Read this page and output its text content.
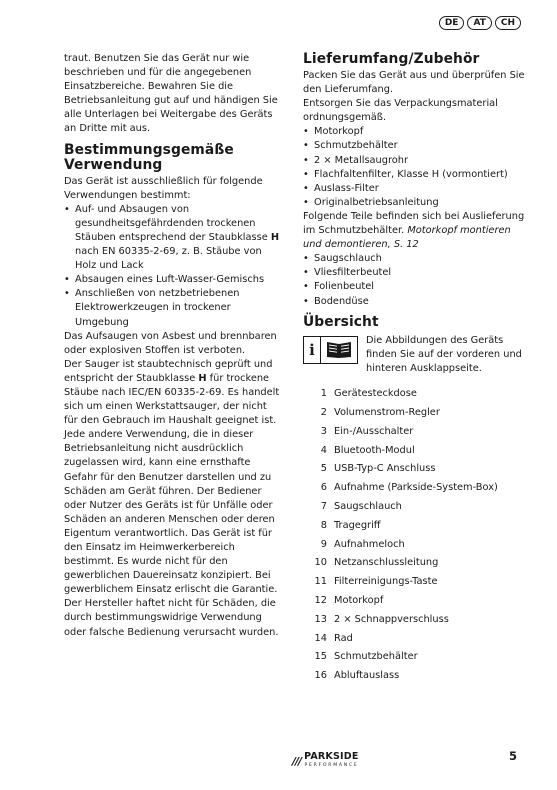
DE	AT	CH

traut. Benutzen Sie das Gerät nur wie beschrieben und für die angegebenen Einsatzbereiche. Bewahren Sie die Betriebsanleitung gut auf und händigen Sie alle Unterlagen bei Weitergabe des Geräts an Dritte mit aus.

Bestimmungsgemäße Verwendung

Das Gerät ist ausschließlich für folgende Verwendungen bestimmt:

• Auf- und Absaugen von gesundheitsgefährdenden trockenen Stäuben entsprechend der Staubklasse H nach EN 60335-2-69, z. B. Stäube von Holz und Lack
• Absaugen eines Luft-Wasser-Gemischs
• Anschließen von netzbetriebenen Elektrowerkzeugen in trockener Umgebung

Das Aufsaugen von Asbest und brennbaren oder explosiven Stoffen ist verboten.

Der Sauger ist staubtechnisch geprüft und entspricht der Staubklasse H für trockene Stäube nach IEC/EN 60335-2-69. Es handelt sich um einen Werkstattsauger, der nicht für den Gebrauch im Haushalt geeignet ist.

Jede andere Verwendung, die in dieser Betriebsanleitung nicht ausdrücklich zugelassen wird, kann eine ernsthafte Gefahr für den Benutzer darstellen und zu Schäden am Gerät führen. Der Bediener oder Nutzer des Geräts ist für Unfälle oder Schäden an anderen Menschen oder deren Eigentum verantwortlich. Das Gerät ist für den Einsatz im Heimwerkerbereich bestimmt. Es wurde nicht für den gewerblichen Dauereinsatz konzipiert. Bei gewerblichem Einsatz erlischt die Garantie. Der Hersteller haftet nicht für Schäden, die durch bestimmungswidrige Verwendung oder falsche Bedienung verursacht wurden.

Lieferumfang/Zubehör

Packen Sie das Gerät aus und überprüfen Sie den Lieferumfang.

Entsorgen Sie das Verpackungsmaterial ordnungsgemäß.

• Motorkopf
• Schmutzbehälter
• 2 × Metallsaugrohr
• Flachfaltenfilter, Klasse H (vormontiert)
• Auslass-Filter
• Originalbetriebsanleitung

Folgende Teile befinden sich bei Auslieferung im Schmutzbehälter. Motorkopf montieren und demontieren, S. 12

• Saugschlauch
• Vliesfilterbeutel
• Folienbeutel
• Bodendüse
Übersicht
i

Die Abbildungen des Geräts finden Sie auf der vorderen und hinteren Ausklappseite.

1 Gerätesteckdose
2 Volumenstrom-Regler
3 Ein-/Ausschalter
4 Bluetooth-Modul
5 USB-Typ-C Anschluss
6 Aufnahme (Parkside-System-Box)
7 Saugschlauch
8 Tragegriff
9 Aufnahmeloch
10 Netzanschlussleitung
11 Filterreinigungs-Taste
12 Motorkopf
13 2 × Schnappverschluss
14 Rad
15 Schmutzbehälter
16 Abluftauslass
/// PARKSIDE
PERFORMANCE
5
